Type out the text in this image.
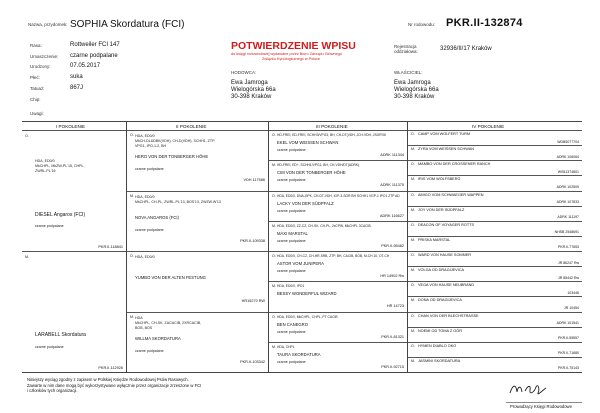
Nazwa, przydomek: SOPHIA Skordatura (FCI)	Nr rodowodu: PKR.II-132874
Rasa:	Rottweiler FCI 147
Umaszczenie: czarne podpalane
Urodzony:	07.05.2017
Płeć:	suka
Tatuaż:	867J
Chip:
Uwagi:
POTWIERDZENIE WPISU
do księgi rodowodowej wydawane przez Biuro Zarządu Głównego
Związku Kynologicznego w Polsce
Rejestracja oddziałowa:	32936/II/17 Kraków
HODOWCA:
Ewa Jamroga
Wielogórska 66a
30-398 Kraków
WŁAŚCICIEL:
Ewa Jamroga
Wielogórska 66a
30-398 Kraków
I POKOLENIE	II POKOLENIE	III POKOLENIE	IV POKOLENIE
O.
HDA, ED0/0
MkCHPL, MkZW-PL'15, CHPL,
ZWRL-PL'16
DIESEL Angaros (FCI)
czarne podpalane
PKR.II-118841
M.
LARABELL Skordatura
czarne podpalane
PKR.II-112926
O. HDA, ED0/0
MkCH-DL&DBK(VDH), CH-D(VDH), SCHH1, ZTP,
VPG1, IPO-1-2, BH
HERO VON DER TONBERGER HÖHE
czarne podpalane
VDH 117586
M. HDA, ED0/0
MkCHPL, CH-PL, ZWRL-PL'13, BOS'13, ZWZW.W'13
NOVA ANGAROS (FCI)
czarne podpalane
PKR.II-109338
O. HDA, ED0/0
YUMBO VON DER ALTEN FESTUNG
HR15270 RW
M. HDA
MkCHPL, CH-SK, ZACACIB, 2XRCACIB,
BOB, BOS
WILLMA SKORDATURA
czarne podpalane
PKR.II-103342
O. HD-FREI, ED-FREI, SCHH3/VPG3, BH, CH-DT(VDH, JCH-VDH, JSGR'06
EKEL VOM WEISSEN SCHWAN
czarne podpalane
ADRK 111344
M. HD-FREI, ED+, SCHH1/VPG1, BH, CH-VDH/DT(ADRK)
CIM VON DER TONBERGER HÖHE
czarne podpalane
ADRK 111375
O. HDA, ED0/0, DNA-GPK, CH-DT-VDH, IGP-3-SGR BH SCHH1 VGP-1 IPO1 ZTP AD
LACKY VON DER SÜDPFALZ
czarne podpalane
ADRK 116627
M. HDA, ED0/0, ZZ-CZ, CH-SK, CH-PL, 2xCPW, MkCHPL 3CACIB
MAXI MARSTAL
czarne podpalane
PKR.II-95482
O. HDA, ED0/0, CH-CZ, CH-HR-SRB, ZTP, BH, CACIB, BOB, M-CH 10, OT-CH
ASTOR VOM JUNIPERA
czarne podpalane
HR 14902 Rw
M. HDA, ED0/0, IPO1
BESSY WONDERFUL WIZARD
HR 14723
O. HDA, ED0/0, MkCHPL, CHPL, PT CACIB
BEN CANEGRO
czarne podpalane
PKR.II-81321
M. HDA, CHPL
TAURA SKORDATURA
czarne podpalane
PKR.II-92715
O. CAMP VOM WOLFERT TURM
WDB5077704
M. ZYRA VOM WEISSEN SCHWAN
ADRK 106064
O. MAMBO VON DER CROSSENER RANCH
WS51374801
M. IRIS VOM WOLFSBERG
ADRK 102509
O. AMIGO VOM SCHWAEGER WAPPEN
ADRK 107833
M. JOY VON DER SÜDPFALZ
ADRK 111197
O. DEACON OF VOYAGER ROTTS
NHSB 2548691
M. PRISKA MARSTAL
PKR.II-77653
O. WARD VON HAUSE SOMMER
JR 86247 Rw
M. VOLGA OD DRAGIJEVICA
JR 85442 Rw
O. VEGA VON HAUSE NEUBRAND
103446
M. DONA OD DRAGIJEVICA
JR 10454
O. CHAN VON DER BLECHSTRASSE
ADRK 101541
M. NOEMI OD TOMA Z GÓR
PKR.II-55557
O. HYMEN DIABLO OKO
PKR.II-71680
M. JASMINI SKORDATURA
PKR.II-75143
Niniejszy wyciąg zgodny z zapisem w Polskiej Księdze Rodowodowej Psów Rasowych.
Zawarte w nim dane mogą być wykorzystywane wyłącznie przez organizacje zrzeszone w FCI
i członków tych organizacji.
Prowadzący Księgi Rodowodowe
